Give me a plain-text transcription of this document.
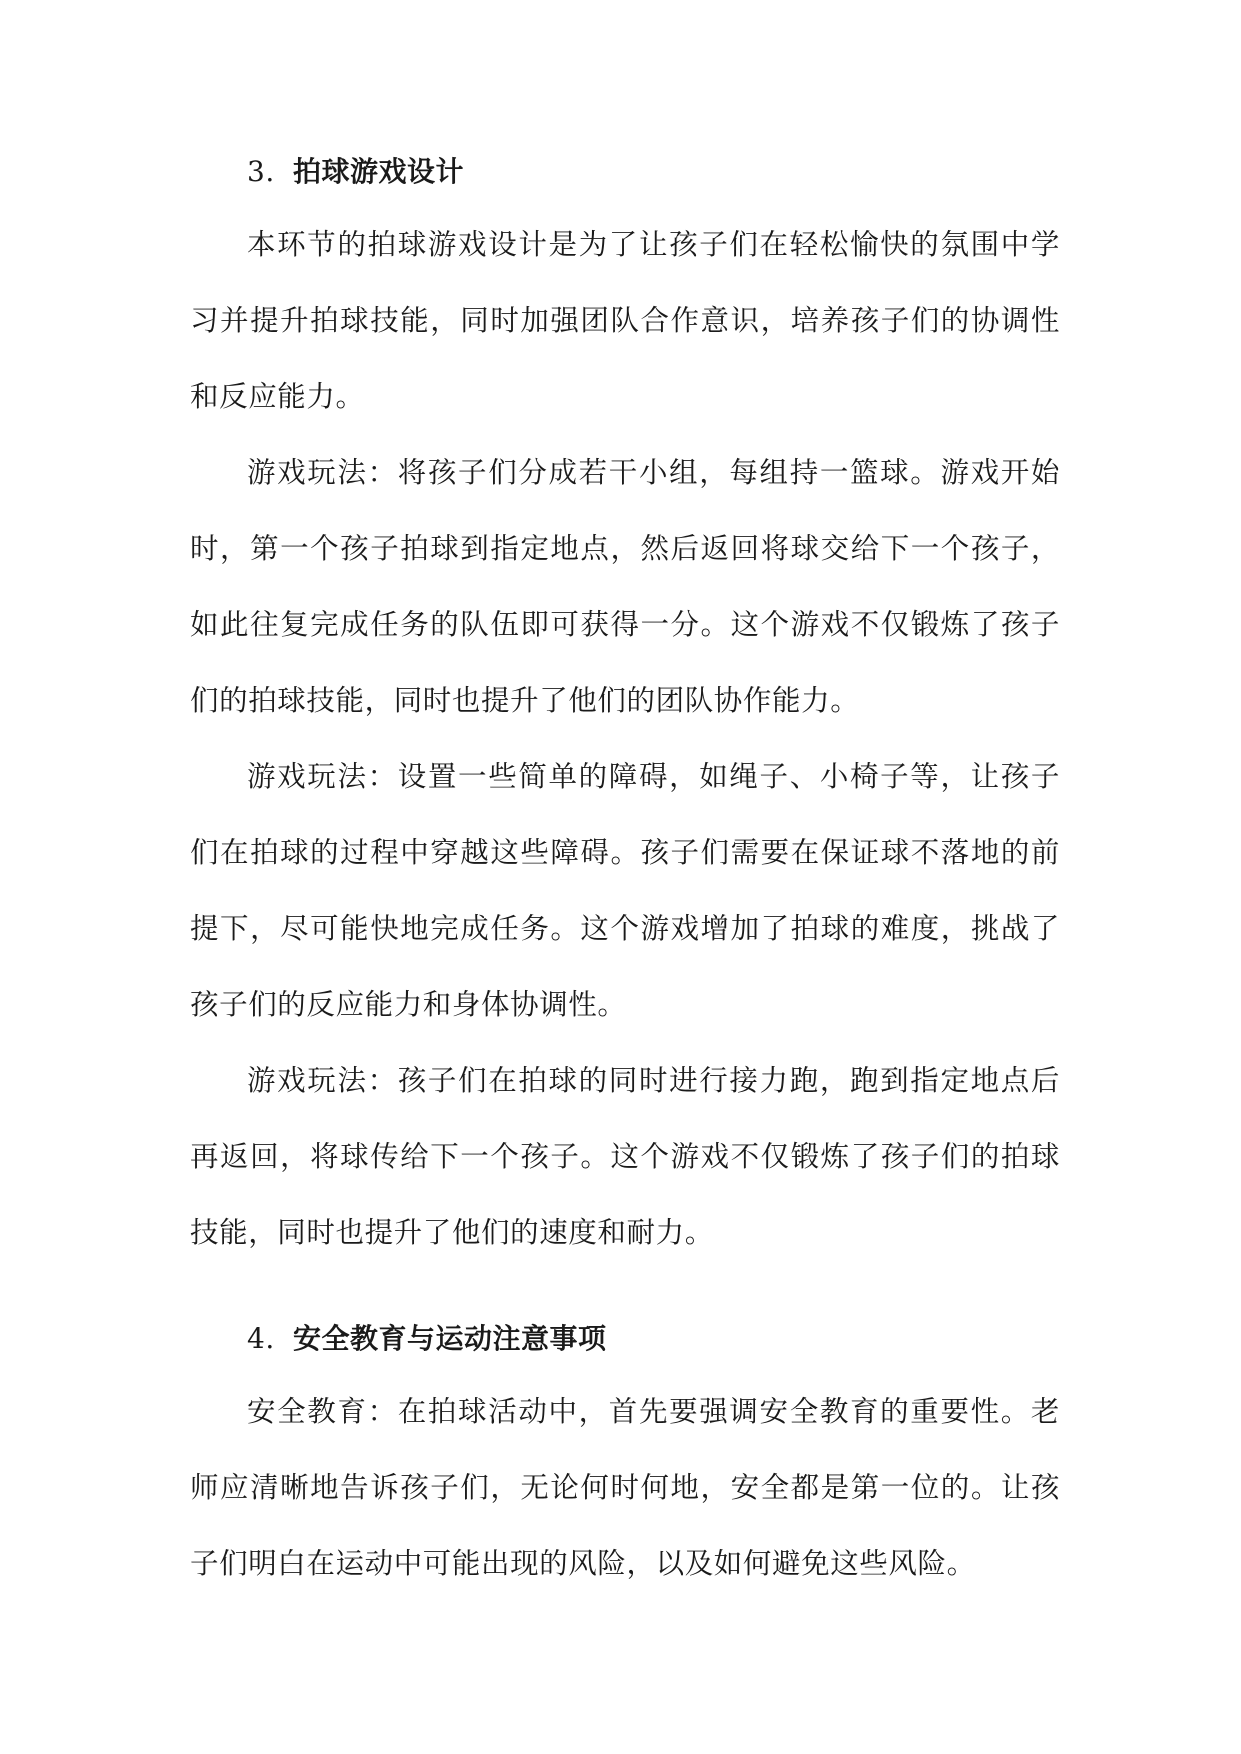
3. 拍球游戏设计

本环节的拍球游戏设计是为了让孩子们在轻松愉快的氛围中学习并提升拍球技能，同时加强团队合作意识，培养孩子们的协调性和反应能力。

游戏玩法：将孩子们分成若干小组，每组持一篮球。游戏开始时，第一个孩子拍球到指定地点，然后返回将球交给下一个孩子，如此往复完成任务的队伍即可获得一分。这个游戏不仅锻炼了孩子们的拍球技能，同时也提升了他们的团队协作能力。

游戏玩法：设置一些简单的障碍，如绳子、小椅子等，让孩子们在拍球的过程中穿越这些障碍。孩子们需要在保证球不落地的前提下，尽可能快地完成任务。这个游戏增加了拍球的难度，挑战了孩子们的反应能力和身体协调性。

游戏玩法：孩子们在拍球的同时进行接力跑，跑到指定地点后再返回，将球传给下一个孩子。这个游戏不仅锻炼了孩子们的拍球技能，同时也提升了他们的速度和耐力。

4. 安全教育与运动注意事项

安全教育：在拍球活动中，首先要强调安全教育的重要性。老师应清晰地告诉孩子们，无论何时何地，安全都是第一位的。让孩子们明白在运动中可能出现的风险，以及如何避免这些风险。
